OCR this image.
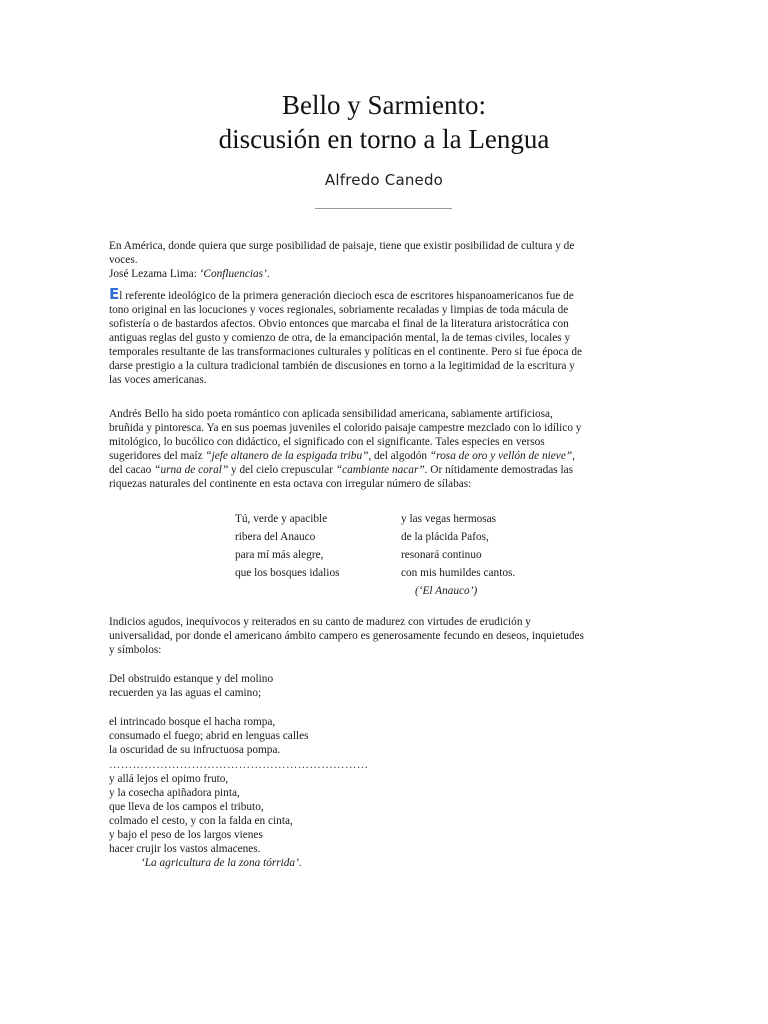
Bello y Sarmiento:
discusión en torno a la Lengua
Alfredo Canedo
En América, donde quiera que surge posibilidad de paisaje, tiene que existir posibilidad de cultura y de
voces.
José Lezama Lima: ‘Confluencias’.
El referente ideológico de la primera generación diecioch esca de escritores hispanoamericanos fue de
tono original en las locuciones y voces regionales, sobriamente recaladas y limpias de toda mácula de
sofistería o de bastardos afectos. Obvio entonces que marcaba el final de la literatura aristocrática con
antiguas reglas del gusto y comienzo de otra, de la emancipación mental, la de temas civiles, locales y
temporales resultante de las transformaciones culturales y políticas en el continente. Pero si fue época de
darse prestigio a la cultura tradicional también de discusiones en torno a la legitimidad de la escritura y
las voces americanas.
Andrés Bello ha sido poeta romántico con aplicada sensibilidad americana, sabiamente artificiosa,
bruñida y pintoresca. Ya en sus poemas juveniles el colorido paisaje campestre mezclado con lo idílico y
mitológico, lo bucólico con didáctico, el significado con el significante. Tales especies en versos
sugeridores del maíz “jefe altanero de la espigada tribu”, del algodón “rosa de oro y vellón de nieve”,
del cacao “urna de coral” y del cielo crepuscular “cambiante nacar”. Or nítidamente demostradas las
riquezas naturales del continente en esta octava con irregular número de sílabas:
Tú, verde y apacible
ribera del Anauco
para mí más alegre,
que los bosques idalios
y las vegas hermosas
de la plácida Pafos,
resonará continuo
con mis humildes cantos.
(‘El Anauco’)
Indicios agudos, inequívocos y reiterados en su canto de madurez con virtudes de erudición y
universalidad, por donde el americano ámbito campero es generosamente fecundo en deseos, inquietudes
y símbolos:
Del obstruido estanque y del molino
recuerden ya las aguas el camino;
el intrincado bosque el hacha rompa,
consumado el fuego; abrid en lenguas calles
la oscuridad de su infructuosa pompa.
…………………………………………………………
y allá lejos el opimo fruto,
y la cosecha apiñadora pinta,
que lleva de los campos el tributo,
colmado el cesto, y con la falda en cinta,
y bajo el peso de los largos vienes
hacer crujir los vastos almacenes.
‘La agricultura de la zona tórrida’.
